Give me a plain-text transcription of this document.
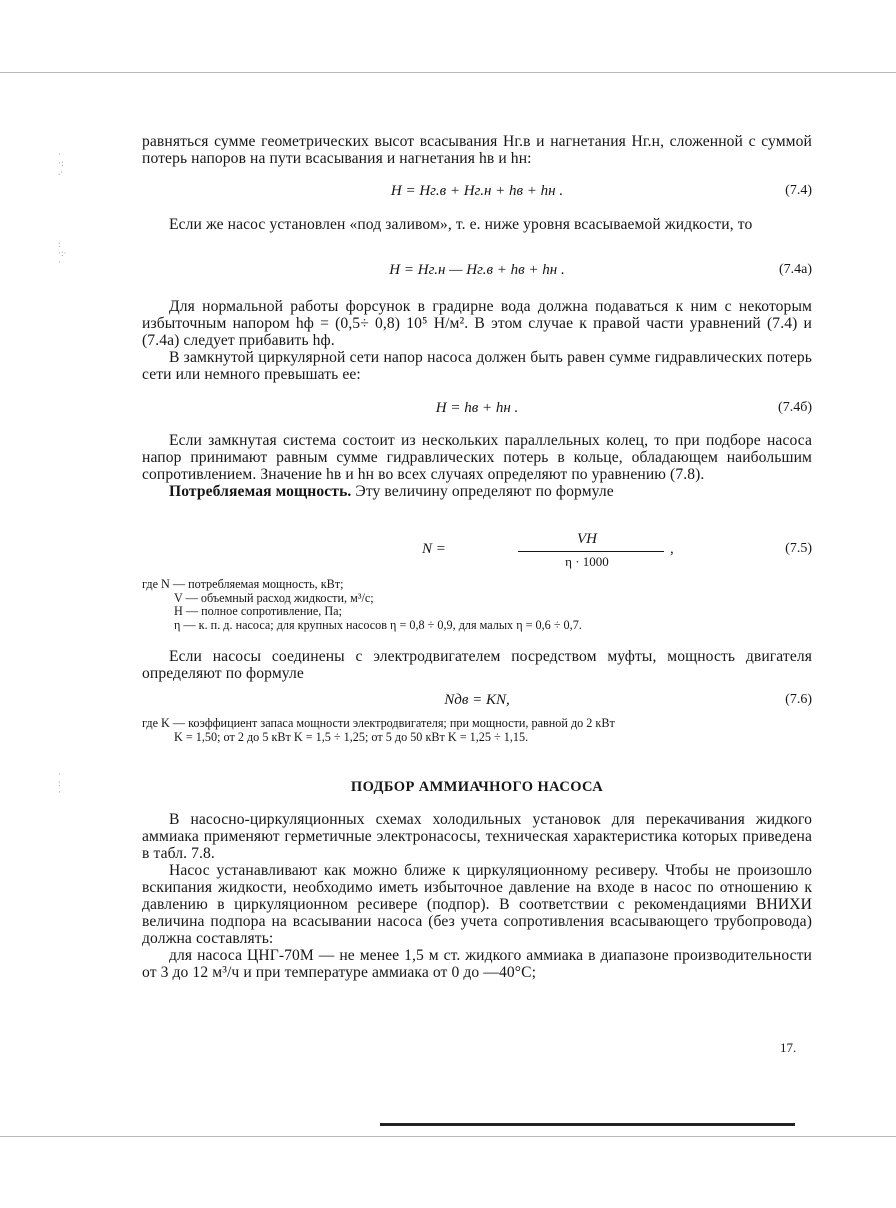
·
·:
.·
:
·:·
·
·
:
·

равняться сумме геометрических высот всасывания Hг.в и нагнетания Hг.н, сложенной с суммой потерь напоров на пути всасывания и нагнетания hв и hн:

H = Hг.в + Hг.н + hв + hн .	(7.4)

Если же насос установлен «под заливом», т. е. ниже уровня всасываемой жидкости, то

H = Hг.н — Hг.в + hв + hн .	(7.4а)

Для нормальной работы форсунок в градирне вода должна подаваться к ним с некоторым избыточным напором hф = (0,5÷ 0,8) 10⁵ Н/м². В этом случае к правой части уравнений (7.4) и (7.4а) следует прибавить hф.

В замкнутой циркулярной сети напор насоса должен быть равен сумме гидравлических потерь сети или немного превышать ее:

H = hв + hн .	(7.4б)

Если замкнутая система состоит из нескольких параллельных колец, то при подборе насоса напор принимают равным сумме гидравлических потерь в кольце, обладающем наибольшим сопротивлением. Значение hв и hн во всех случаях определяют по уравнению (7.8).

Потребляемая мощность. Эту величину определяют по формуле

N =
VH
η · 1000
,	(7.5)
где N — потребляемая мощность, кВт;
V — объемный расход жидкости, м³/с;
H — полное сопротивление, Па;
η — к. п. д. насоса; для крупных насосов η = 0,8 ÷ 0,9, для малых η = 0,6 ÷ 0,7.

Если насосы соединены с электродвигателем посредством муфты, мощность двигателя определяют по формуле

Nдв = KN,	(7.6)
где K — коэффициент запаса мощности электродвигателя; при мощности, равной до 2 кВт
K = 1,50; от 2 до 5 кВт K = 1,5 ÷ 1,25; от 5 до 50 кВт K = 1,25 ÷ 1,15.
ПОДБОР АММИАЧНОГО НАСОСА

В насосно-циркуляционных схемах холодильных установок для перекачивания жидкого аммиака применяют герметичные электронасосы, техническая характеристика которых приведена в табл. 7.8.

Насос устанавливают как можно ближе к циркуляционному ресиверу. Чтобы не произошло вскипания жидкости, необходимо иметь избыточное давление на входе в насос по отношению к давлению в циркуляционном ресивере (подпор). В соответствии с рекомендациями ВНИХИ величина подпора на всасывании насоса (без учета сопротивления всасывающего трубопровода) должна составлять:

для насоса ЦНГ-70М — не менее 1,5 м ст. жидкого аммиака в диапазоне производительности от 3 до 12 м³/ч и при температуре аммиака от 0 до —40°С;

17.
